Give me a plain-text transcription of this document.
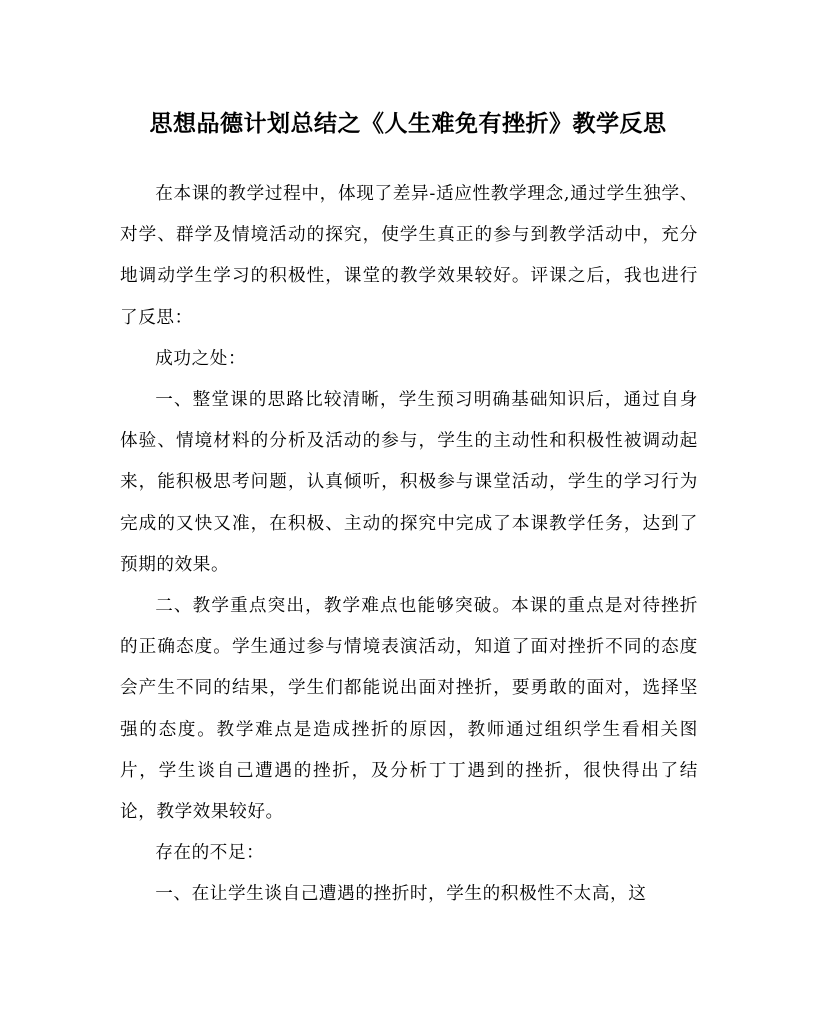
思想品德计划总结之《人生难免有挫折》教学反思

在本课的教学过程中，体现了差异-适应性教学理念,通过学生独学、对学、群学及情境活动的探究，使学生真正的参与到教学活动中，充分地调动学生学习的积极性，课堂的教学效果较好。评课之后，我也进行了反思：

成功之处：

一、整堂课的思路比较清晰，学生预习明确基础知识后，通过自身体验、情境材料的分析及活动的参与，学生的主动性和积极性被调动起来，能积极思考问题，认真倾听，积极参与课堂活动，学生的学习行为完成的又快又准，在积极、主动的探究中完成了本课教学任务，达到了预期的效果。

二、教学重点突出，教学难点也能够突破。本课的重点是对待挫折的正确态度。学生通过参与情境表演活动，知道了面对挫折不同的态度会产生不同的结果，学生们都能说出面对挫折，要勇敢的面对，选择坚强的态度。教学难点是造成挫折的原因，教师通过组织学生看相关图片，学生谈自己遭遇的挫折，及分析丁丁遇到的挫折，很快得出了结论，教学效果较好。

存在的不足：

一、在让学生谈自己遭遇的挫折时，学生的积极性不太高，这
